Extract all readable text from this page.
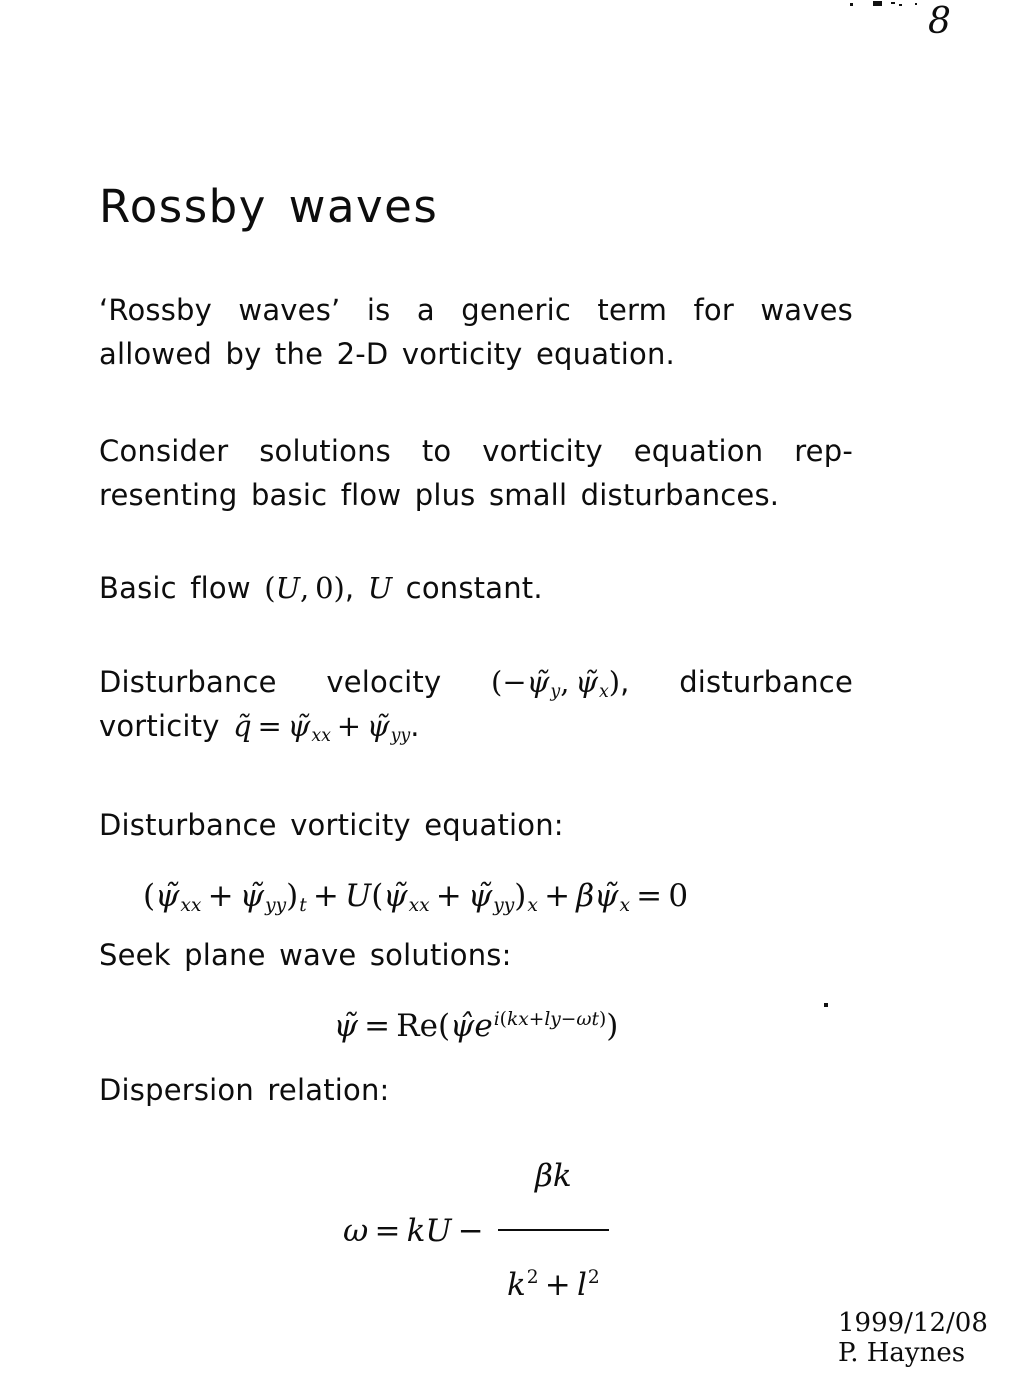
8
Rossby waves
‘Rossby waves’ is a generic term for waves
allowed by the 2-D vorticity equation.
Consider solutions to vorticity equation rep-
resenting basic flow plus small disturbances.
Basic flow (U, 0), U constant.
Disturbance velocity ($-\psĩ_y$, $\psĩ_x$), disturbance
vorticity q̃ = $\psĩ_{xx}$ + $\psĩ_{yy}$.
Disturbance vorticity equation:
($\psĩ_{xx}$ + $\psĩ_{yy})_t$ + $U(\psĩ_{xx}$ + $\psĩ_{yy})_x$ + $\beta\psĩ_x = 0$
Seek plane wave solutions:
ψ̃ = $Re(\psîe^{i(kx+ly-\omega t)})$
Dispersion relation:
ω = kU − $\frac{\beta k}{k^2 + l^2}$	1999/12/08
P. Haynes
